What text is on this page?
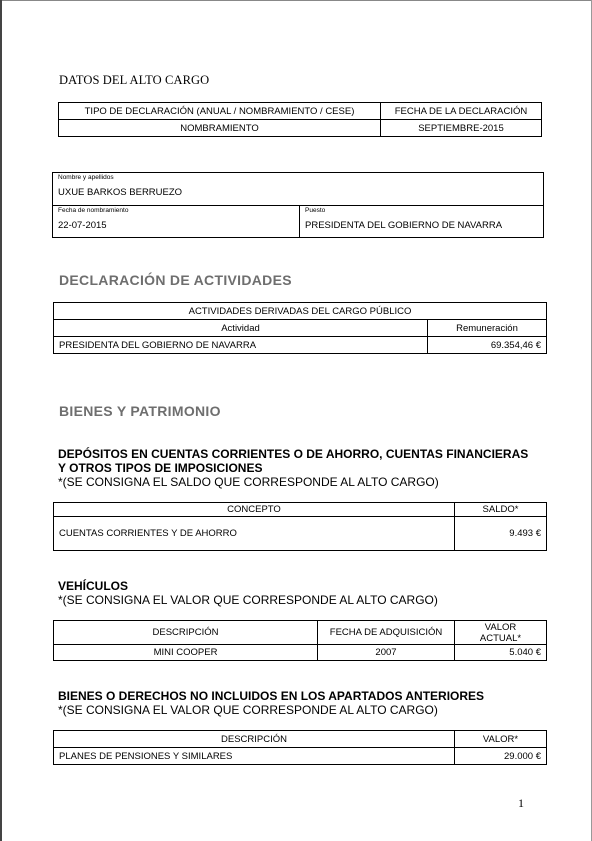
DATOS DEL ALTO CARGO
TIPO DE DECLARACIÓN (ANUAL / NOMBRAMIENTO / CESE)	FECHA DE LA DECLARACIÓN
NOMBRAMIENTO	SEPTIEMBRE-2015
Nombre y apellidos
UXUE BARKOS BERRUEZO

Fecha de nombramiento
22-07-2015

Puesto
PRESIDENTA DEL GOBIERNO DE NAVARRA
DECLARACIÓN DE ACTIVIDADES
ACTIVIDADES DERIVADAS DEL CARGO PÚBLICO	
Actividad	Remuneración
PRESIDENTA DEL GOBIERNO DE NAVARRA	69.354,46 €
BIENES Y PATRIMONIO
DEPÓSITOS EN CUENTAS CORRIENTES O DE AHORRO, CUENTAS FINANCIERAS
Y OTROS TIPOS DE IMPOSICIONES
*(SE CONSIGNA EL SALDO QUE CORRESPONDE AL ALTO CARGO)
CONCEPTO	SALDO*
CUENTAS CORRIENTES Y DE AHORRO	9.493 €
VEHÍCULOS
*(SE CONSIGNA EL VALOR QUE CORRESPONDE AL ALTO CARGO)
DESCRIPCIÓN	FECHA DE ADQUISICIÓN	VALOR
ACTUAL*

MINI COOPER	2007	5.040 €
BIENES O DERECHOS NO INCLUIDOS EN LOS APARTADOS ANTERIORES
*(SE CONSIGNA EL VALOR QUE CORRESPONDE AL ALTO CARGO)
DESCRIPCIÓN	VALOR*
PLANES DE PENSIONES Y SIMILARES	29.000 €
1
